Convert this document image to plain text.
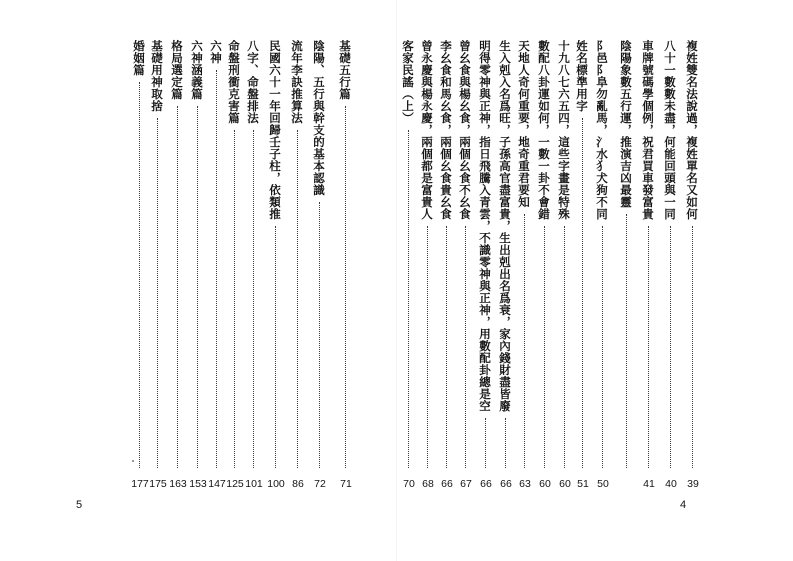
5
基礎五行篇
71
陰陽、五行與幹支的基本認識
72
流年李訣推算法
86
民國六十一年回歸壬子柱，依類推
100
八字、命盤排法
101
命盤刑衝克害篇
125
六神
147
六神涵義篇
153
格局選定篇
163
基礎用神取捨
175
婚姻篇
177
4
複姓雙名法說過，複姓單名又如何
39
八十一數數未盡，何能回頭與一同
40
車牌號碼學個例，祝君買車發富貴
41
陰陽象數五行運，推演吉凶最靈
阝邑阝阜勿亂馬，氵水犭犬狗不同
50
姓名標準用字
51
十九八七六五四，這些字畫是特殊
60
數配八卦運如何，一數一卦不會錯
60
天地人奇何重要，地奇重君要知
63
生入剋入名爲旺，子孫高官盡富貴，生出剋出名爲衰，家內錢財盡皆廢
66
明得零神與正神，指日飛騰入青雲，不識零神與正神，用數配卦總是空
66
曾幺食與楊幺食，兩個幺食不幺食
67
李幺食和馬幺食，兩個幺食貴幺食
66
曾永慶與楊永慶，兩個都是富貴人
68
客家民謠（上）
70
